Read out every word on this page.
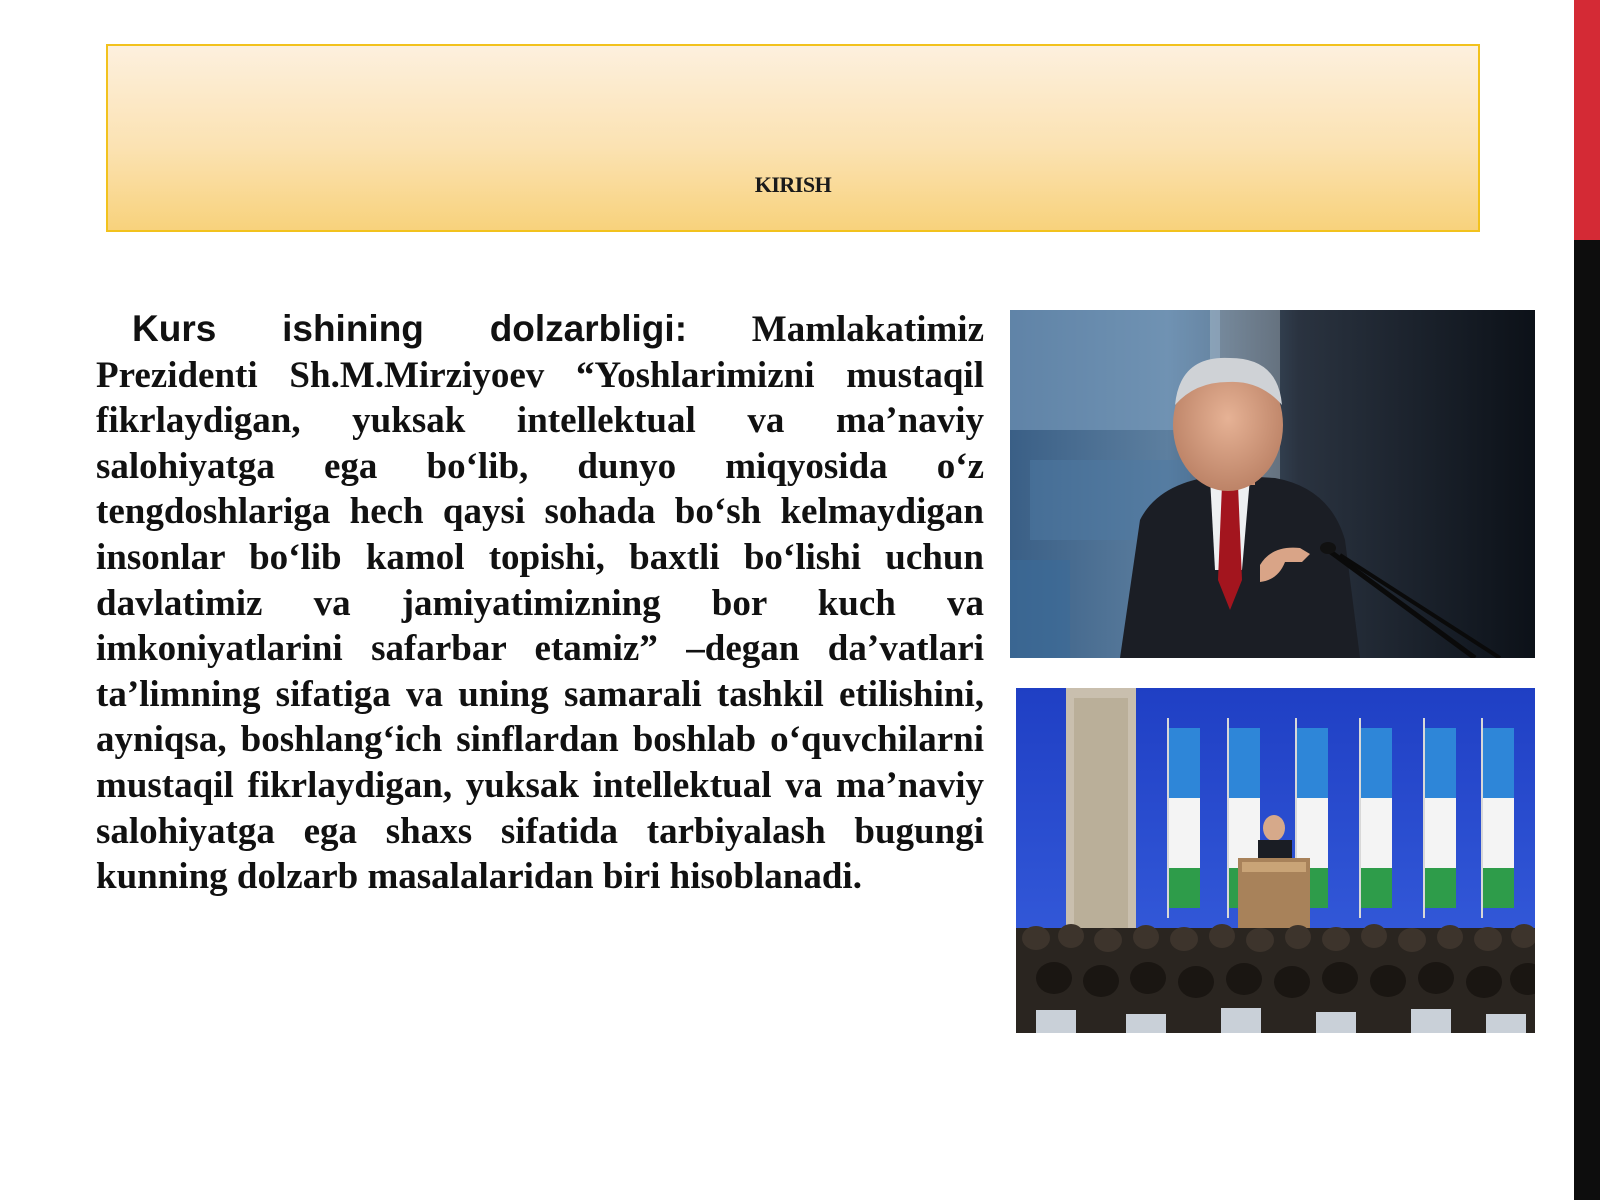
KIRISH

Kurs ishining dolzarbligi: Mamlakatimiz Prezidenti Sh.M.Mirziyoev “Yoshlarimizni mustaqil fikrlaydigan, yuksak intellektual va ma’naviy salohiyatga ega bo‘lib, dunyo miqyosida o‘z tengdoshlariga hech qaysi sohada bo‘sh kelmaydigan insonlar bo‘lib kamol topishi, baxtli bo‘lishi uchun davlatimiz va jamiyatimizning bor kuch va imkoniyatlarini safarbar etamiz” –degan da’vatlari ta’limning sifatiga va uning samarali tashkil etilishini, ayniqsa, boshlang‘ich sinflardan boshlab o‘quvchilarni mustaqil fikrlaydigan, yuksak intellektual va ma’naviy salohiyatga ega shaxs sifatida tarbiyalash bugungi kunning dolzarb masalalaridan biri hisoblanadi.
